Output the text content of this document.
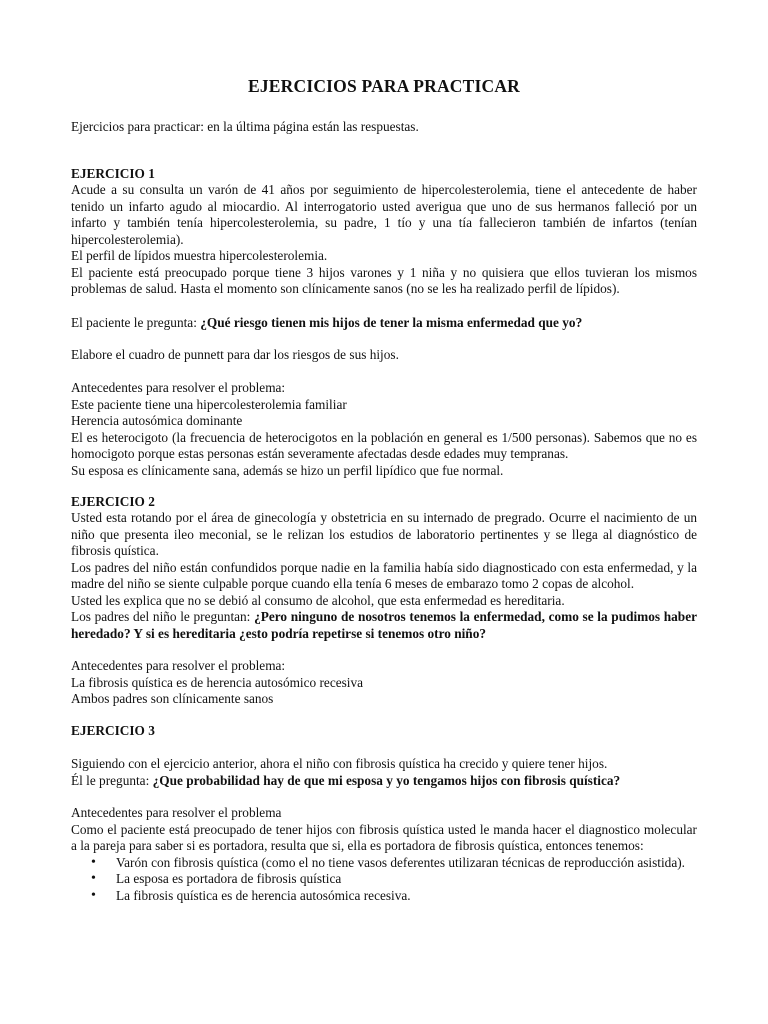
EJERCICIOS PARA PRACTICAR

Ejercicios para practicar: en la última página están las respuestas.

EJERCICIO 1

Acude a su consulta un varón de 41 años por seguimiento de hipercolesterolemia, tiene el antecedente de haber tenido un infarto agudo al miocardio. Al interrogatorio usted averigua que uno de sus hermanos falleció por un infarto y también tenía hipercolesterolemia, su padre, 1 tío y una tía fallecieron también de infartos (tenían hipercolesterolemia).

El perfil de lípidos muestra hipercolesterolemia.

El paciente está preocupado porque tiene 3 hijos varones y 1 niña y no quisiera que ellos tuvieran los mismos problemas de salud. Hasta el momento son clínicamente sanos (no se les ha realizado perfil de lípidos).

El paciente le pregunta: ¿Qué riesgo tienen mis hijos de tener la misma enfermedad que yo?

Elabore el cuadro de punnett para dar los riesgos de sus hijos.

Antecedentes para resolver el problema:

Este paciente tiene una hipercolesterolemia familiar

Herencia autosómica dominante

El es heterocigoto (la frecuencia de heterocigotos en la población en general es 1/500 personas). Sabemos que no es homocigoto porque estas personas están severamente afectadas desde edades muy tempranas.

Su esposa es clínicamente sana, además se hizo un perfil lipídico que fue normal.

EJERCICIO 2

Usted esta rotando por el área de ginecología y obstetricia en su internado de pregrado. Ocurre el nacimiento de un niño que presenta ileo meconial, se le relizan los estudios de laboratorio pertinentes y se llega al diagnóstico de fibrosis quística.

Los padres del niño están confundidos porque nadie en la familia había sido diagnosticado con esta enfermedad, y la madre del niño se siente culpable porque cuando ella tenía 6 meses de embarazo tomo 2 copas de alcohol.

Usted les explica que no se debió al consumo de alcohol, que esta enfermedad es hereditaria.

Los padres del niño le preguntan: ¿Pero ninguno de nosotros tenemos la enfermedad, como se la pudimos haber heredado? Y si es hereditaria ¿esto podría repetirse si tenemos otro niño?

Antecedentes para resolver el problema:

La fibrosis quística es de herencia autosómico recesiva

Ambos padres son clínicamente sanos

EJERCICIO 3

Siguiendo con el ejercicio anterior, ahora el niño con fibrosis quística ha crecido y quiere tener hijos.

Él le pregunta: ¿Que probabilidad hay de que mi esposa y yo tengamos hijos con fibrosis quística?

Antecedentes para resolver el problema

Como el paciente está preocupado de tener hijos con fibrosis quística usted le manda hacer el diagnostico molecular a la pareja para saber si es portadora, resulta que si, ella es portadora de fibrosis quística, entonces tenemos:

• Varón con fibrosis quística (como el no tiene vasos deferentes utilizaran técnicas de reproducción asistida).
• La esposa es portadora de fibrosis quística
• La fibrosis quística es de herencia autosómica recesiva.
